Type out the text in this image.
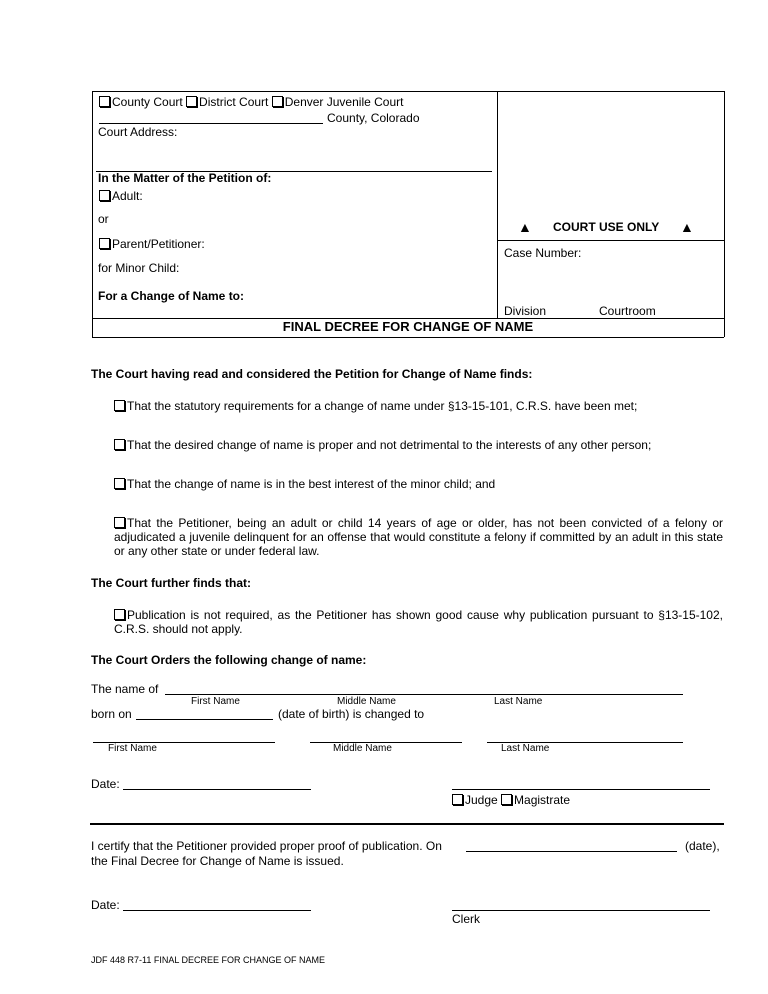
County Court District Court Denver Juvenile Court
County, Colorado
Court Address:
In the Matter of the Petition of:
Adult:
or
Parent/Petitioner:
for Minor Child:
For a Change of Name to:
▲ COURT USE ONLY ▲
Case Number:
Division	Courtroom
FINAL DECREE FOR CHANGE OF NAME
The Court having read and considered the Petition for Change of Name finds:
That the statutory requirements for a change of name under §13-15-101, C.R.S. have been met;
That the desired change of name is proper and not detrimental to the interests of any other person;
That the change of name is in the best interest of the minor child; and
That the Petitioner, being an adult or child 14 years of age or older, has not been convicted of a felony or adjudicated a juvenile delinquent for an offense that would constitute a felony if committed by an adult in this state or any other state or under federal law.
The Court further finds that:
Publication is not required, as the Petitioner has shown good cause why publication pursuant to §13-15-102, C.R.S. should not apply.
The Court Orders the following change of name:
The name of
First Name	Middle Name	Last Name
born on	(date of birth) is changed to
First Name	Middle Name	Last Name
Date:
Judge Magistrate
I certify that the Petitioner provided proper proof of publication. On	(date),
the Final Decree for Change of Name is issued.
Date:
Clerk
JDF 448 R7-11 FINAL DECREE FOR CHANGE OF NAME
